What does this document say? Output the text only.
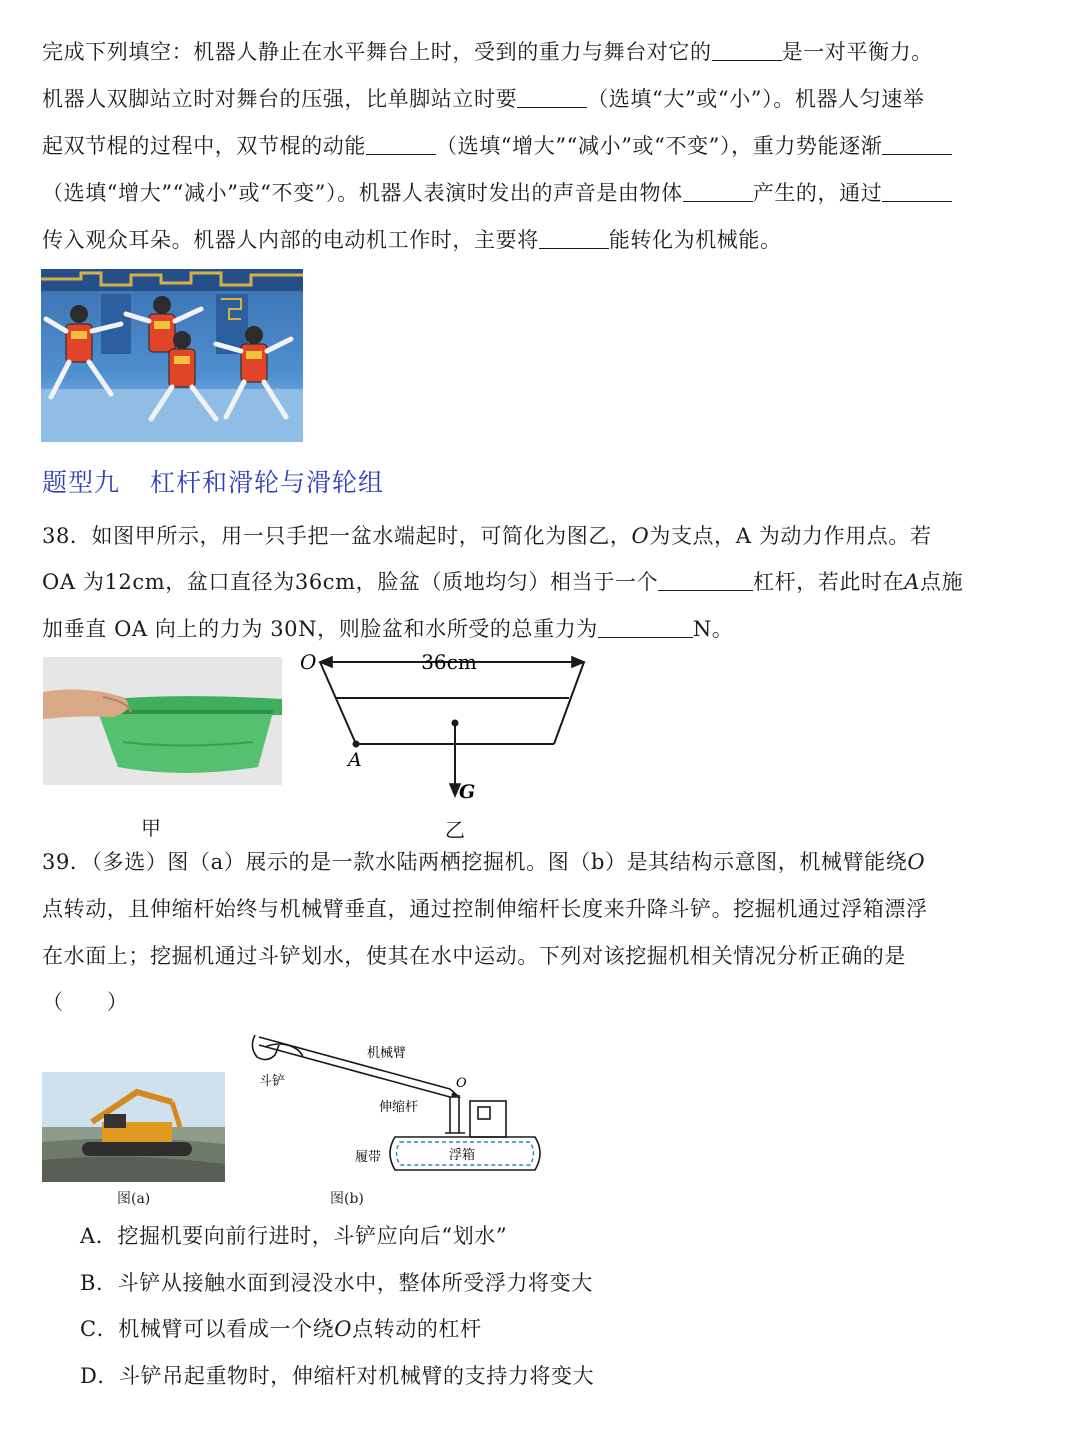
完成下列填空：机器人静止在水平舞台上时，受到的重力与舞台对它的	是一对平衡力。
机器人双脚站立时对舞台的压强，比单脚站立时要	（选填“大”或“小”）。机器人匀速举
起双节棍的过程中，双节棍的动能	（选填“增大”“减小”或“不变”），重力势能逐渐
（选填“增大”“减小”或“不变”）。机器人表演时发出的声音是由物体	产生的，通过
传入观众耳朵。机器人内部的电动机工作时，主要将	能转化为机械能。
题型九 杠杆和滑轮与滑轮组
38．如图甲所示，用一只手把一盆水端起时，可简化为图乙，O为支点，A 为动力作用点。若
OA 为12cm，盆口直径为36cm，脸盆（质地均匀）相当于一个	杠杆，若此时在A点施
加垂直 OA 向上的力为 30N，则脸盆和水所受的总重力为	N。
甲
36cm
O
A
G
乙
39．（多选）图（a）展示的是一款水陆两栖挖掘机。图（b）是其结构示意图，机械臂能绕O
点转动，且伸缩杆始终与机械臂垂直，通过控制伸缩杆长度来升降斗铲。挖掘机通过浮箱漂浮
在水面上；挖掘机通过斗铲划水，使其在水中运动。下列对该挖掘机相关情况分析正确的是
（　　）
图(a)
机械臂
斗铲
伸缩杆
O
履带	浮箱
图(b)
A．挖掘机要向前行进时，斗铲应向后“划水”
B．斗铲从接触水面到浸没水中，整体所受浮力将变大
C．机械臂可以看成一个绕O点转动的杠杆
D．斗铲吊起重物时，伸缩杆对机械臂的支持力将变大
